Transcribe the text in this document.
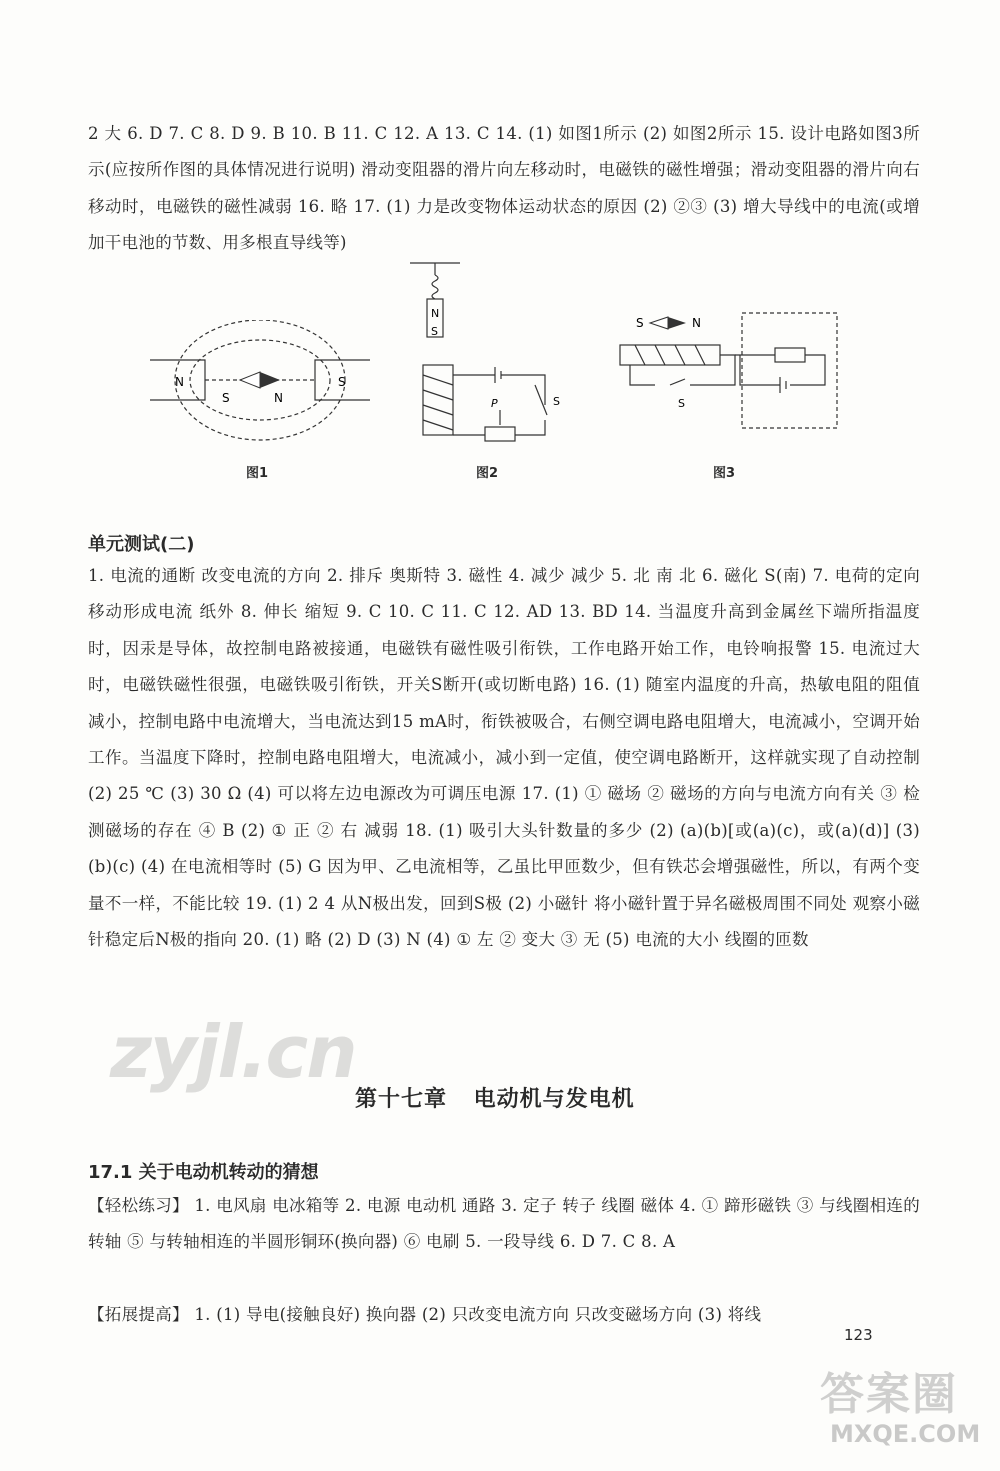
2 大 6. D 7. C 8. D 9. B 10. B 11. C 12. A 13. C 14. (1) 如图1所示 (2) 如图2所示 15. 设计电路如图3所示(应按所作图的具体情况进行说明) 滑动变阻器的滑片向左移动时，电磁铁的磁性增强；滑动变阻器的滑片向右移动时，电磁铁的磁性减弱 16. 略 17. (1) 力是改变物体运动状态的原因 (2) ②③ (3) 增大导线中的电流(或增加干电池的节数、用多根直导线等)
N	S
S	N
N
S
S
P
S	N
S
图1	图2	图3
单元测试(二)
1. 电流的通断 改变电流的方向 2. 排斥 奥斯特 3. 磁性 4. 减少 减少 5. 北 南 北 6. 磁化 S(南) 7. 电荷的定向移动形成电流 纸外 8. 伸长 缩短 9. C 10. C 11. C 12. AD 13. BD 14. 当温度升高到金属丝下端所指温度时，因汞是导体，故控制电路被接通，电磁铁有磁性吸引衔铁，工作电路开始工作，电铃响报警 15. 电流过大时，电磁铁磁性很强，电磁铁吸引衔铁，开关S断开(或切断电路) 16. (1) 随室内温度的升高，热敏电阻的阻值减小，控制电路中电流增大，当电流达到15 mA时，衔铁被吸合，右侧空调电路电阻增大，电流减小，空调开始工作。当温度下降时，控制电路电阻增大，电流减小，减小到一定值，使空调电路断开，这样就实现了自动控制 (2) 25 ℃ (3) 30 Ω (4) 可以将左边电源改为可调压电源 17. (1) ① 磁场 ② 磁场的方向与电流方向有关 ③ 检测磁场的存在 ④ B (2) ① 正 ② 右 减弱 18. (1) 吸引大头针数量的多少 (2) (a)(b)[或(a)(c)，或(a)(d)] (3) (b)(c) (4) 在电流相等时 (5) G 因为甲、乙电流相等，乙虽比甲匝数少，但有铁芯会增强磁性，所以，有两个变量不一样，不能比较 19. (1) 2 4 从N极出发，回到S极 (2) 小磁针 将小磁针置于异名磁极周围不同处 观察小磁针稳定后N极的指向 20. (1) 略 (2) D (3) N (4) ① 左 ② 变大 ③ 无 (5) 电流的大小 线圈的匝数
zyjl.cn
第十七章 电动机与发电机
17.1 关于电动机转动的猜想
【轻松练习】 1. 电风扇 电冰箱等 2. 电源 电动机 通路 3. 定子 转子 线圈 磁体 4. ① 蹄形磁铁 ③ 与线圈相连的转轴 ⑤ 与转轴相连的半圆形铜环(换向器) ⑥ 电刷 5. 一段导线 6. D 7. C 8. A
【拓展提高】 1. (1) 导电(接触良好) 换向器 (2) 只改变电流方向 只改变磁场方向 (3) 将线
123
答案圈
MXQE.COM
